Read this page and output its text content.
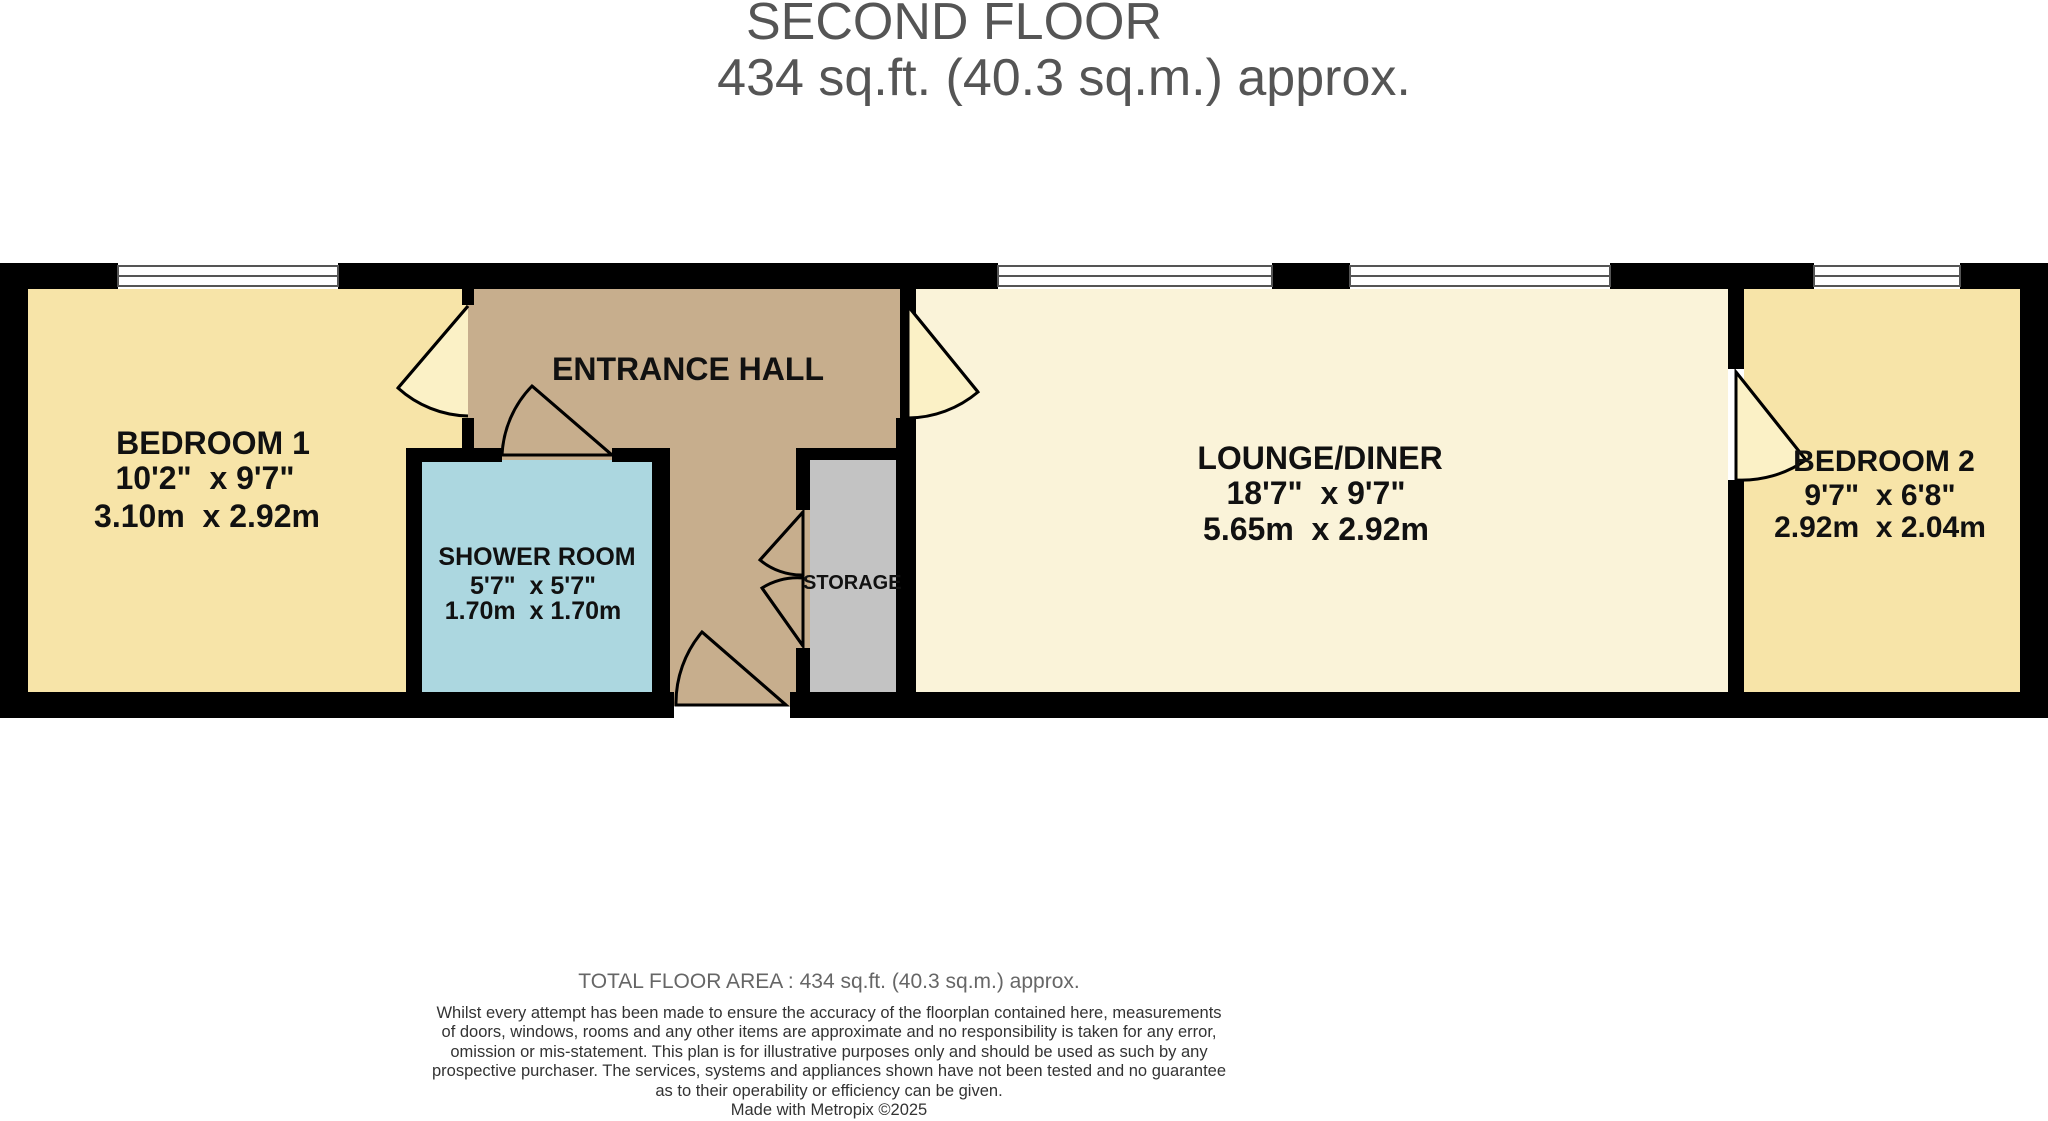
SECOND FLOOR
434 sq.ft. (40.3 sq.m.) approx.
BEDROOM 1
10'2"  x 9'7"
3.10m  x 2.92m
ENTRANCE HALL
SHOWER ROOM
5'7"  x 5'7"
1.70m  x 1.70m
STORAGE
LOUNGE/DINER
18'7"  x 9'7"
5.65m  x 2.92m
BEDROOM 2
9'7"  x 6'8"
2.92m  x 2.04m
TOTAL FLOOR AREA : 434 sq.ft. (40.3 sq.m.) approx.
Whilst every attempt has been made to ensure the accuracy of the floorplan contained here, measurements
of doors, windows, rooms and any other items are approximate and no responsibility is taken for any error,
omission or mis-statement. This plan is for illustrative purposes only and should be used as such by any
prospective purchaser. The services, systems and appliances shown have not been tested and no guarantee
as to their operability or efficiency can be given.
Made with Metropix ©2025
